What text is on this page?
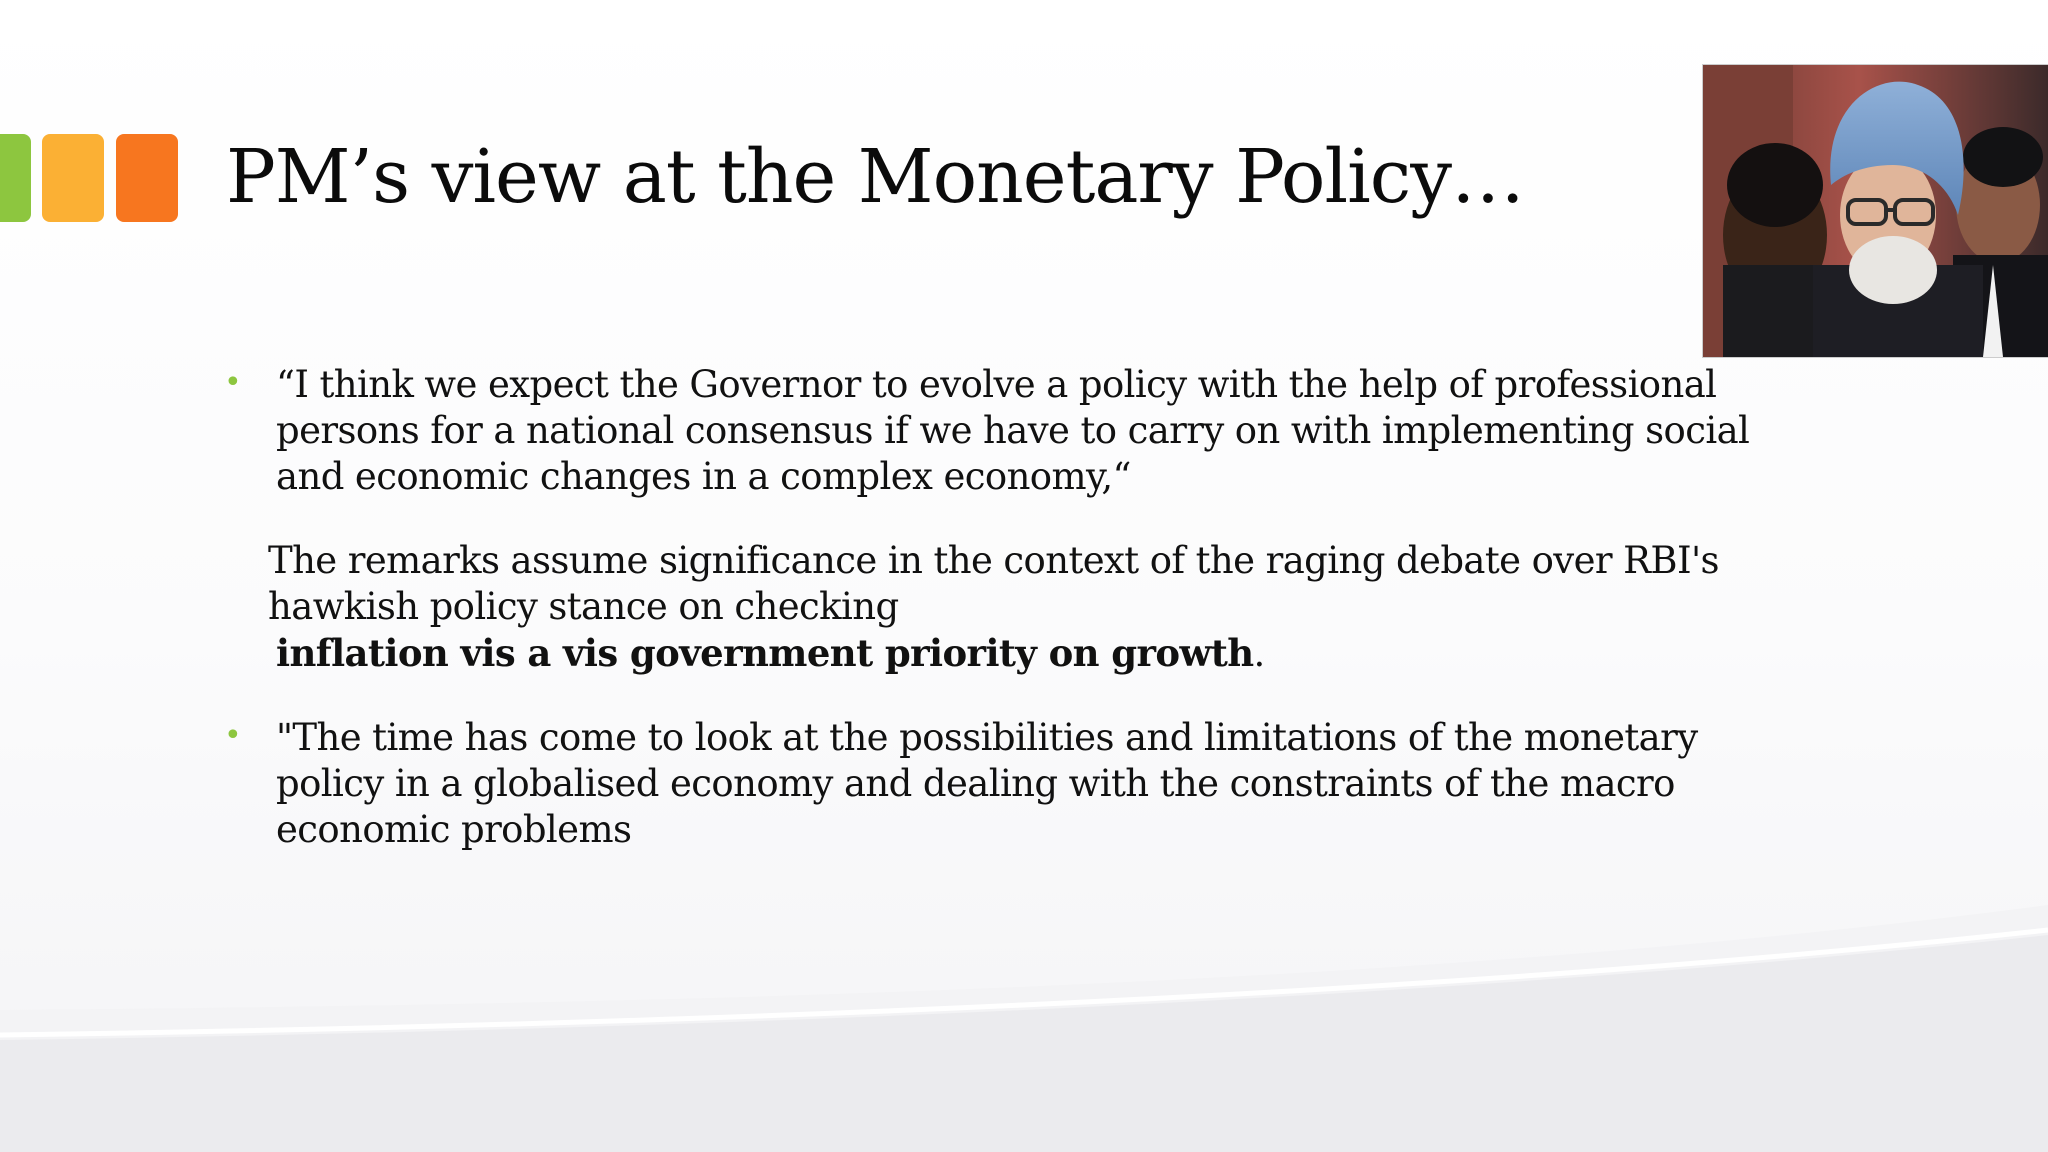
PM’s view at the Monetary Policy…
• “I think we expect the Governor to evolve a policy with the help of professional persons for a national consensus if we have to carry on with implementing social and economic changes in a complex economy,“
The remarks assume significance in the context of the raging debate over RBI's hawkish policy stance on checkinginflation vis a vis government priority on growth.
• "The time has come to look at the possibilities and limitations of the monetary policy in a globalised economy and dealing with the constraints of the macro economic problems
